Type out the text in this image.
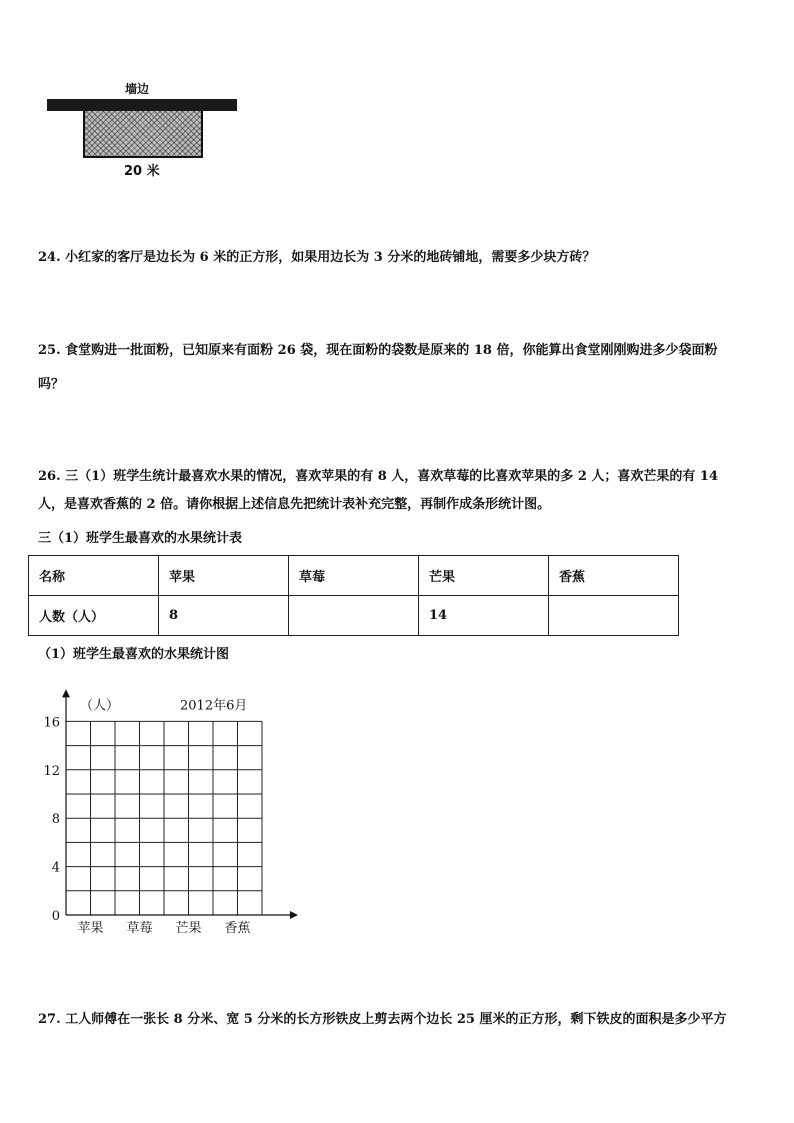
墙边
20 米
24. 小红家的客厅是边长为 6 米的正方形，如果用边长为 3 分米的地砖铺地，需要多少块方砖？
25. 食堂购进一批面粉，已知原来有面粉 26 袋，现在面粉的袋数是原来的 18 倍，你能算出食堂刚刚购进多少袋面粉
吗？
26. 三（1）班学生统计最喜欢水果的情况，喜欢苹果的有 8 人，喜欢草莓的比喜欢苹果的多 2 人；喜欢芒果的有 14
人，是喜欢香蕉的 2 倍。请你根据上述信息先把统计表补充完整，再制作成条形统计图。
三（1）班学生最喜欢的水果统计表
名称	苹果	草莓	芒果	香蕉
人数（人）	8		14	
（1）班学生最喜欢的水果统计图
0
4
8
12
16
苹果 草莓 芒果 香蕉
（人）	2012年6月
27. 工人师傅在一张长 8 分米、宽 5 分米的长方形铁皮上剪去两个边长 25 厘米的正方形，剩下铁皮的面积是多少平方
